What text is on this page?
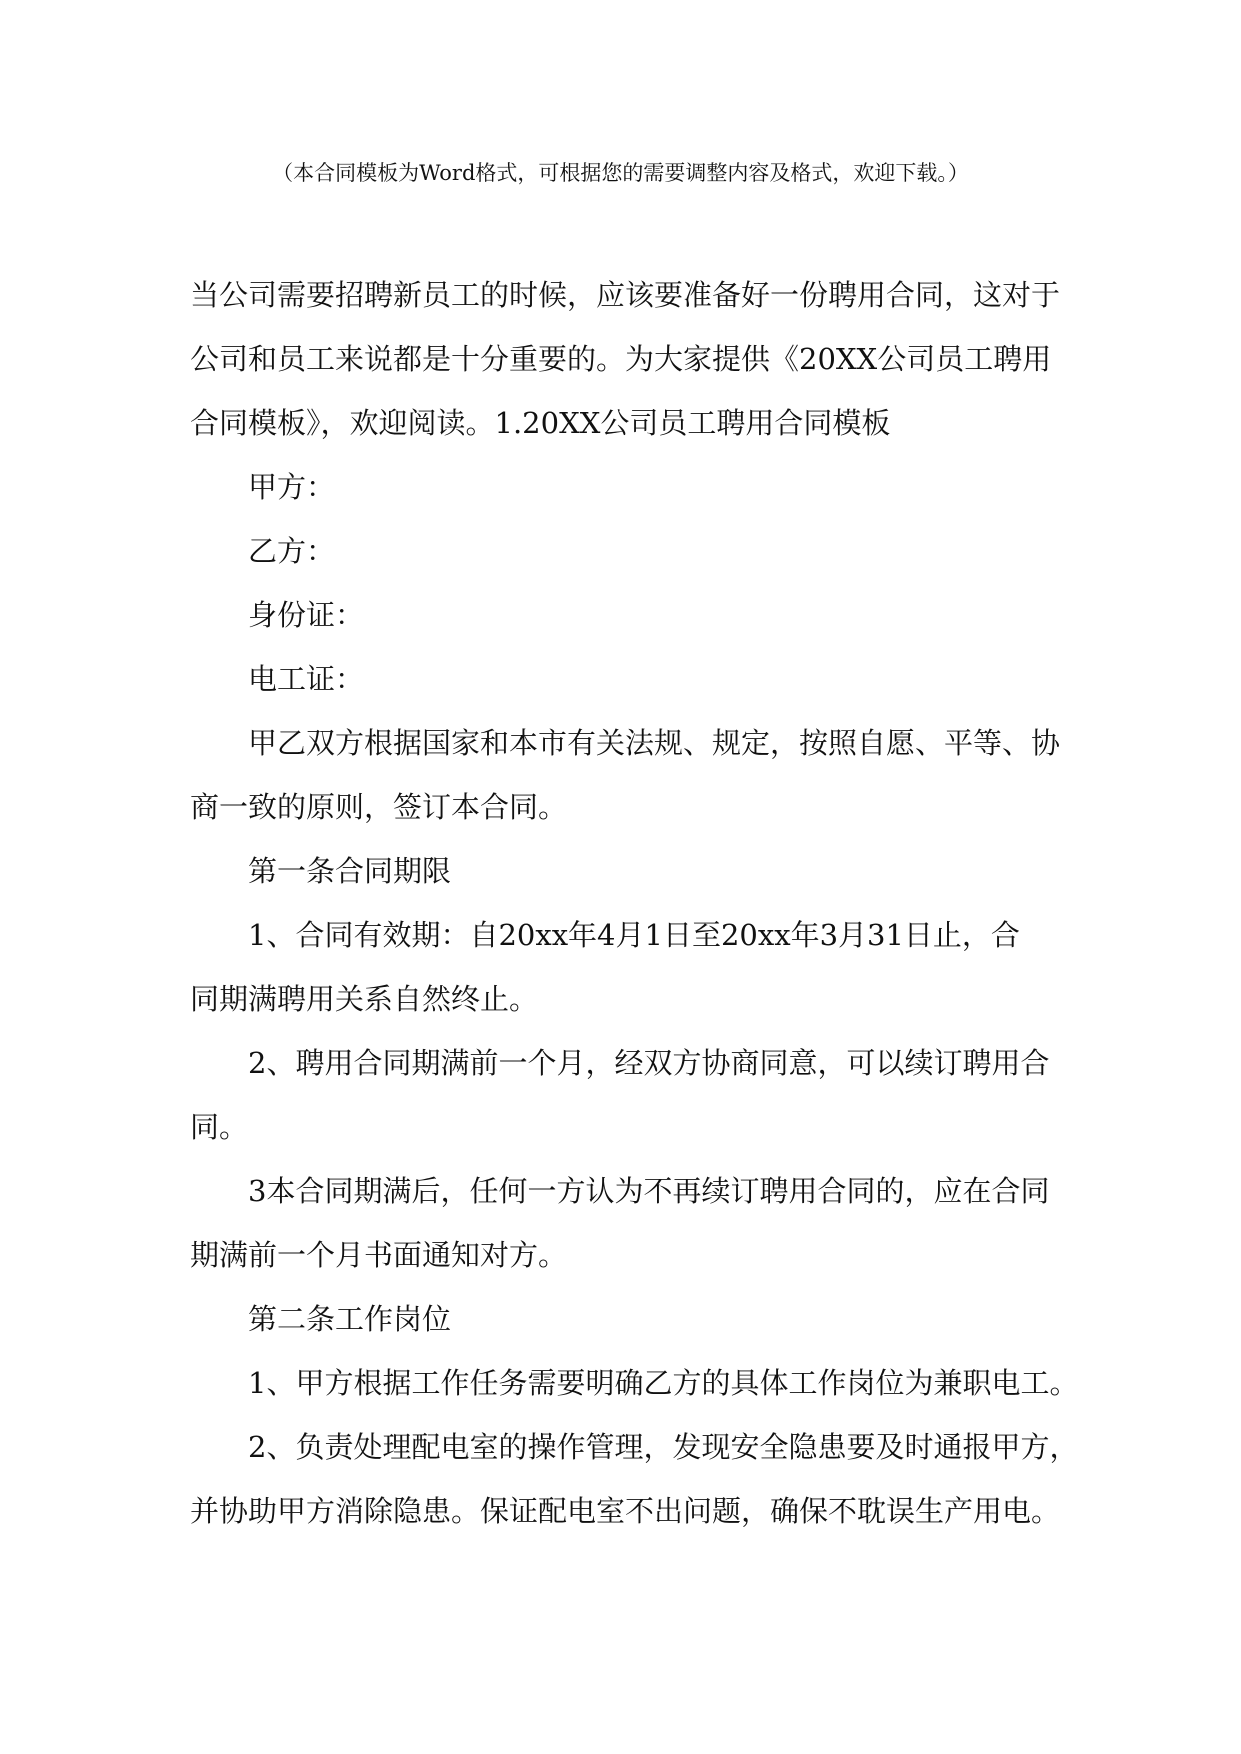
（本合同模板为Word格式，可根据您的需要调整内容及格式，欢迎下载。）
当公司需要招聘新员工的时候，应该要准备好一份聘用合同，这对于
公司和员工来说都是十分重要的。为大家提供《20XX公司员工聘用
合同模板》，欢迎阅读。1.20XX公司员工聘用合同模板
甲方：
乙方：
身份证：
电工证：
甲乙双方根据国家和本市有关法规、规定，按照自愿、平等、协
商一致的原则，签订本合同。
第一条合同期限
1、合同有效期：自20xx年4月1日至20xx年3月31日止，合
同期满聘用关系自然终止。
2、聘用合同期满前一个月，经双方协商同意，可以续订聘用合
同。
3本合同期满后，任何一方认为不再续订聘用合同的，应在合同
期满前一个月书面通知对方。
第二条工作岗位
1、甲方根据工作任务需要明确乙方的具体工作岗位为兼职电工。
2、负责处理配电室的操作管理，发现安全隐患要及时通报甲方，
并协助甲方消除隐患。保证配电室不出问题，确保不耽误生产用电。
